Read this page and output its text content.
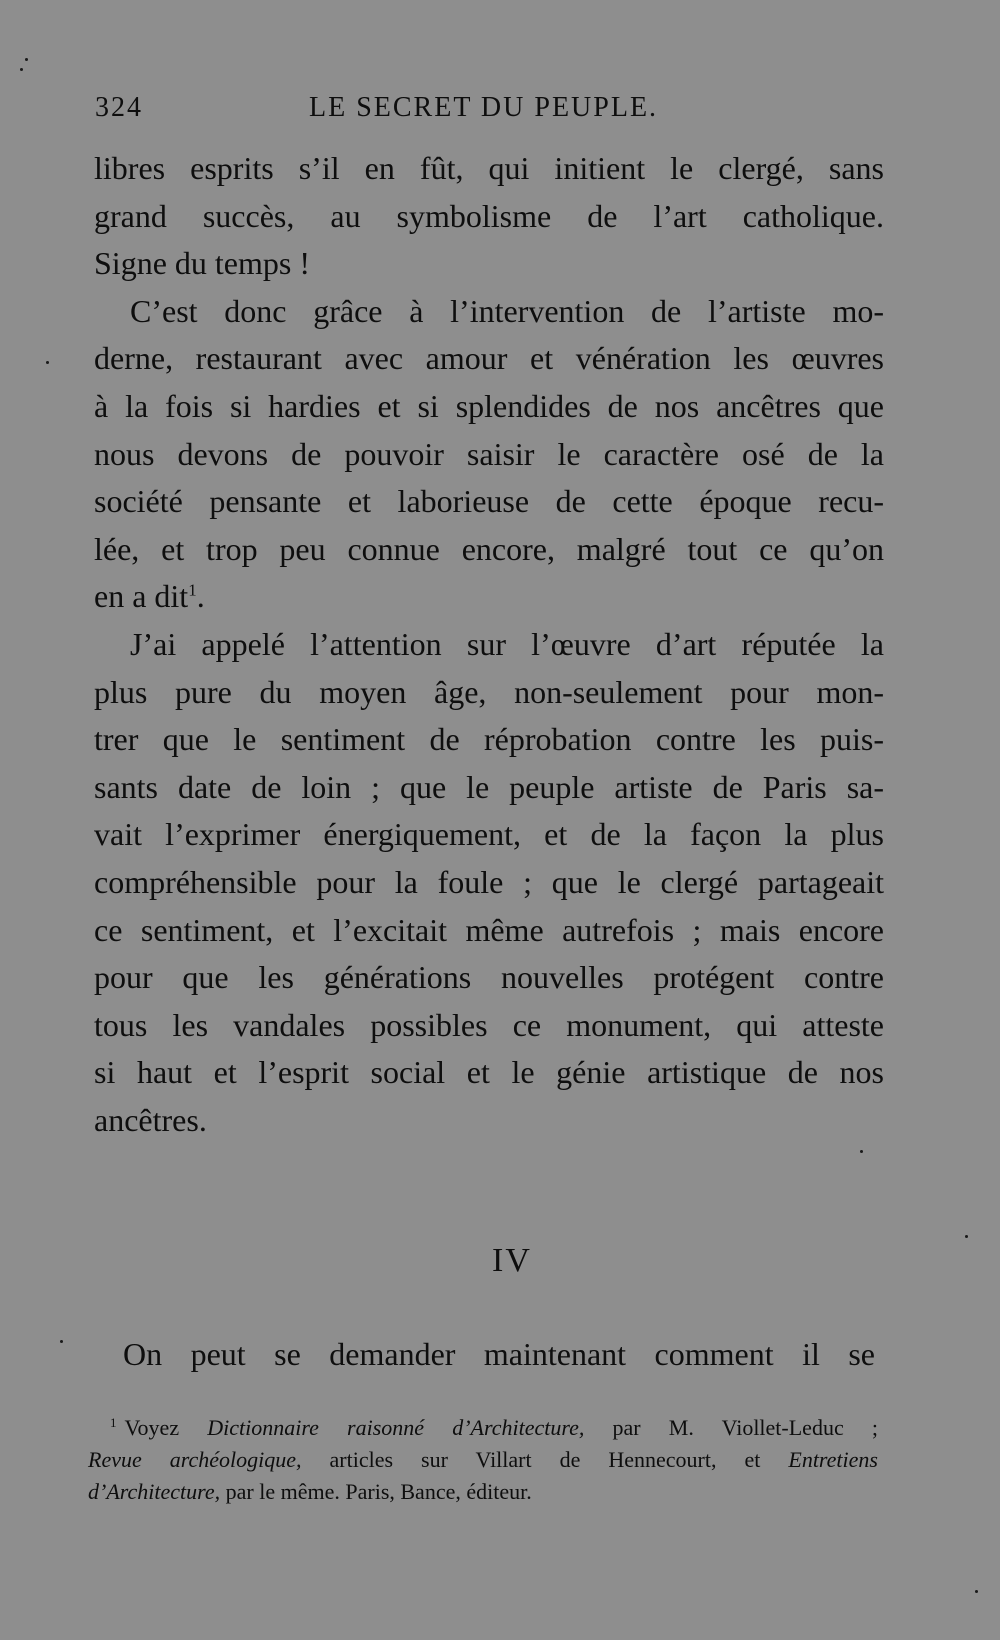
324	LE SECRET DU PEUPLE.
libres esprits s’il en fût, qui initient le clergé, sans
grand succès, au symbolisme de l’art catholique.
Signe du temps !
C’est donc grâce à l’intervention de l’artiste mo-
derne, restaurant avec amour et vénération les œuvres
à la fois si hardies et si splendides de nos ancêtres que
nous devons de pouvoir saisir le caractère osé de la
société pensante et laborieuse de cette époque recu-
lée, et trop peu connue encore, malgré tout ce qu’on
en a dit$^1$.
J’ai appelé l’attention sur l’œuvre d’art réputée la
plus pure du moyen âge, non-seulement pour mon-
trer que le sentiment de réprobation contre les puis-
sants date de loin ; que le peuple artiste de Paris sa-
vait l’exprimer énergiquement, et de la façon la plus
compréhensible pour la foule ; que le clergé partageait
ce sentiment, et l’excitait même autrefois ; mais encore
pour que les générations nouvelles protégent contre
tous les vandales possibles ce monument, qui atteste
si haut et l’esprit social et le génie artistique de nos
ancêtres.
IV
On peut se demander maintenant comment il se
$^1$ Voyez Dictionnaire raisonné d’Architecture, par M. Viollet-Leduc ;
Revue archéologique, articles sur Villart de Hennecourt, et Entretiens
d’Architecture, par le même. Paris, Bance, éditeur.
